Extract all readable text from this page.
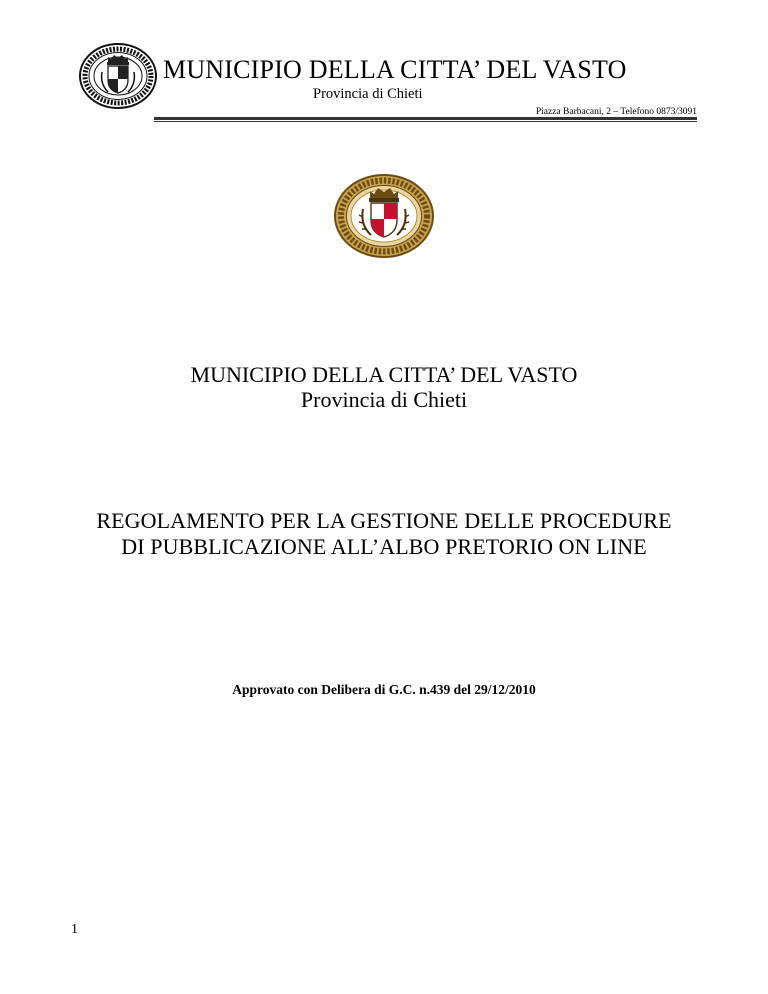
MUNICIPIO DELLA CITTA’ DEL VASTO
Provincia di Chieti
Piazza Barbacani, 2 – Telefono 0873/3091
MUNICIPIO DELLA CITTA’ DEL VASTO
Provincia di Chieti
REGOLAMENTO PER LA GESTIONE DELLE PROCEDURE
DI PUBBLICAZIONE ALL’ALBO PRETORIO ON LINE
Approvato con Delibera di G.C. n.439 del 29/12/2010
1
